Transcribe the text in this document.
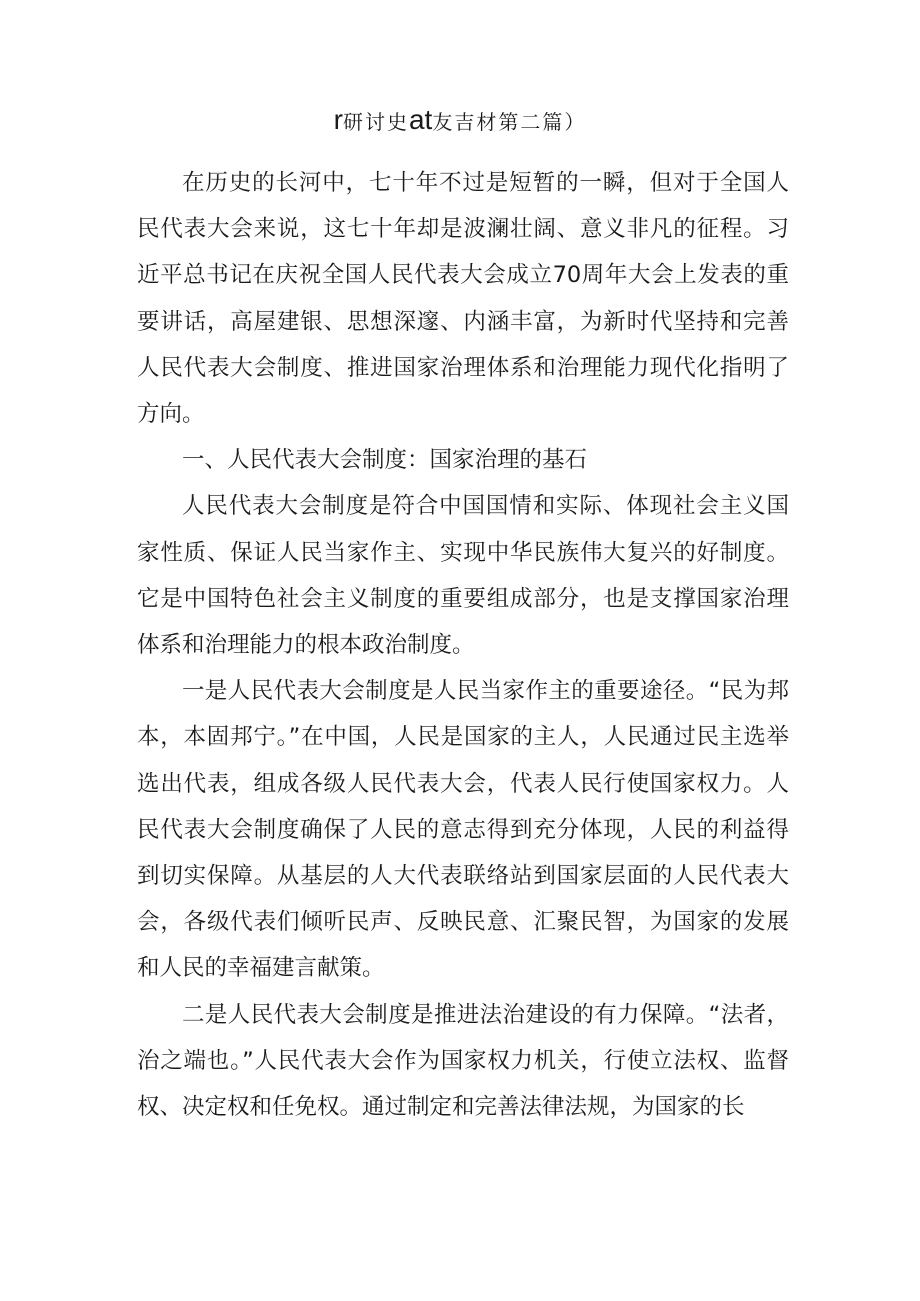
r研讨史at友吉材第二篇）

在历史的长河中，七十年不过是短暂的一瞬，但对于全国人民代表大会来说，这七十年却是波澜壮阔、意义非凡的征程。习近平总书记在庆祝全国人民代表大会成立70周年大会上发表的重要讲话，高屋建银、思想深邃、内涵丰富，为新时代坚持和完善人民代表大会制度、推进国家治理体系和治理能力现代化指明了方向。

一、人民代表大会制度：国家治理的基石

人民代表大会制度是符合中国国情和实际、体现社会主义国家性质、保证人民当家作主、实现中华民族伟大复兴的好制度。它是中国特色社会主义制度的重要组成部分，也是支撑国家治理体系和治理能力的根本政治制度。

一是人民代表大会制度是人民当家作主的重要途径。“民为邦本，本固邦宁。”在中国，人民是国家的主人，人民通过民主选举选出代表，组成各级人民代表大会，代表人民行使国家权力。人民代表大会制度确保了人民的意志得到充分体现，人民的利益得到切实保障。从基层的人大代表联络站到国家层面的人民代表大会，各级代表们倾听民声、反映民意、汇聚民智，为国家的发展和人民的幸福建言献策。

二是人民代表大会制度是推进法治建设的有力保障。“法者，治之端也。”人民代表大会作为国家权力机关，行使立法权、监督权、决定权和任免权。通过制定和完善法律法规，为国家的长
